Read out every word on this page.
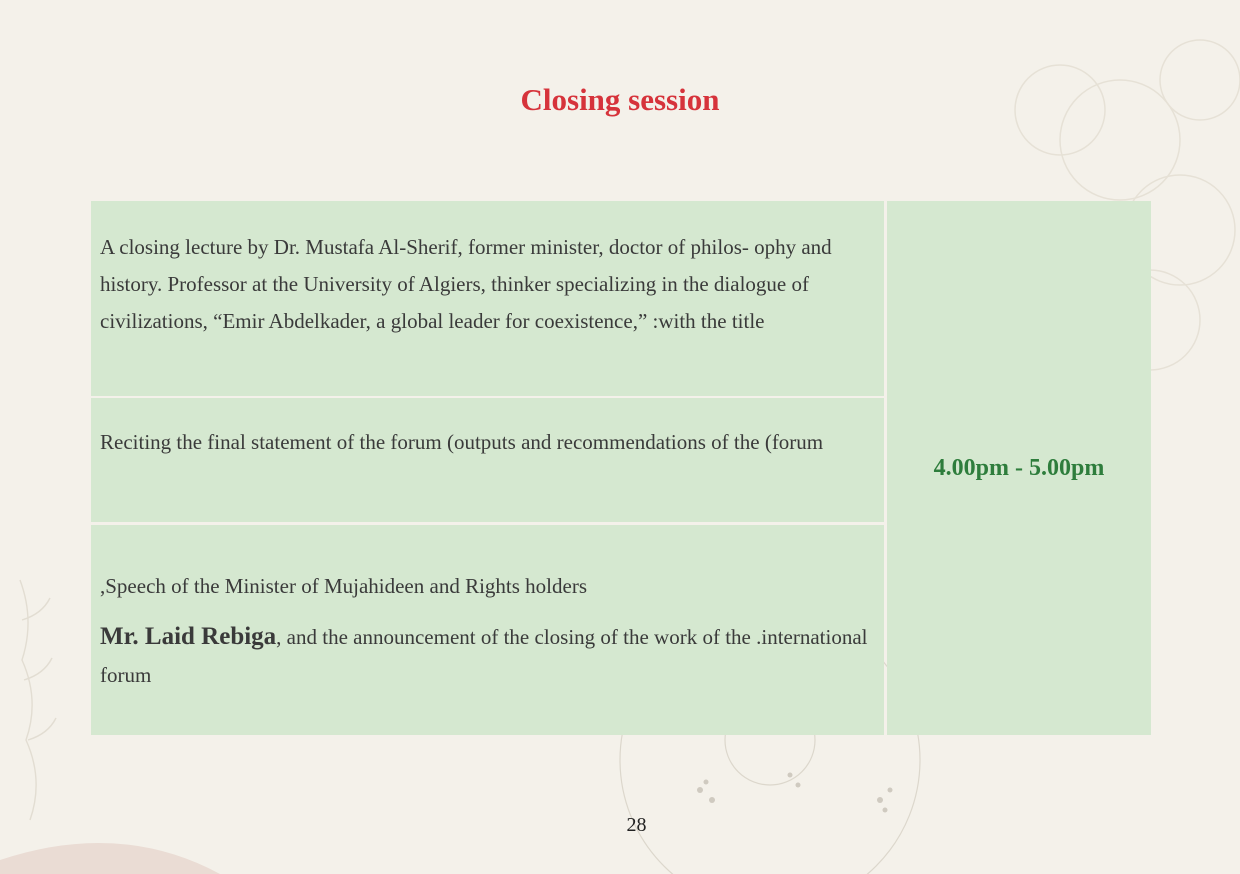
Closing session

A closing lecture by Dr. Mustafa Al-Sherif, former minister, doctor of philos- ophy and history. Professor at the University of Algiers, thinker specializing in the dialogue of civilizations, “Emir Abdelkader, a global leader for coexistence,” :with the title

Reciting the final statement of the forum (outputs and recommendations of the (forum

,Speech of the Minister of Mujahideen and Rights holders

Mr. Laid Rebiga, and the announcement of the closing of the work of the .international forum

4.00pm - 5.00pm
28
